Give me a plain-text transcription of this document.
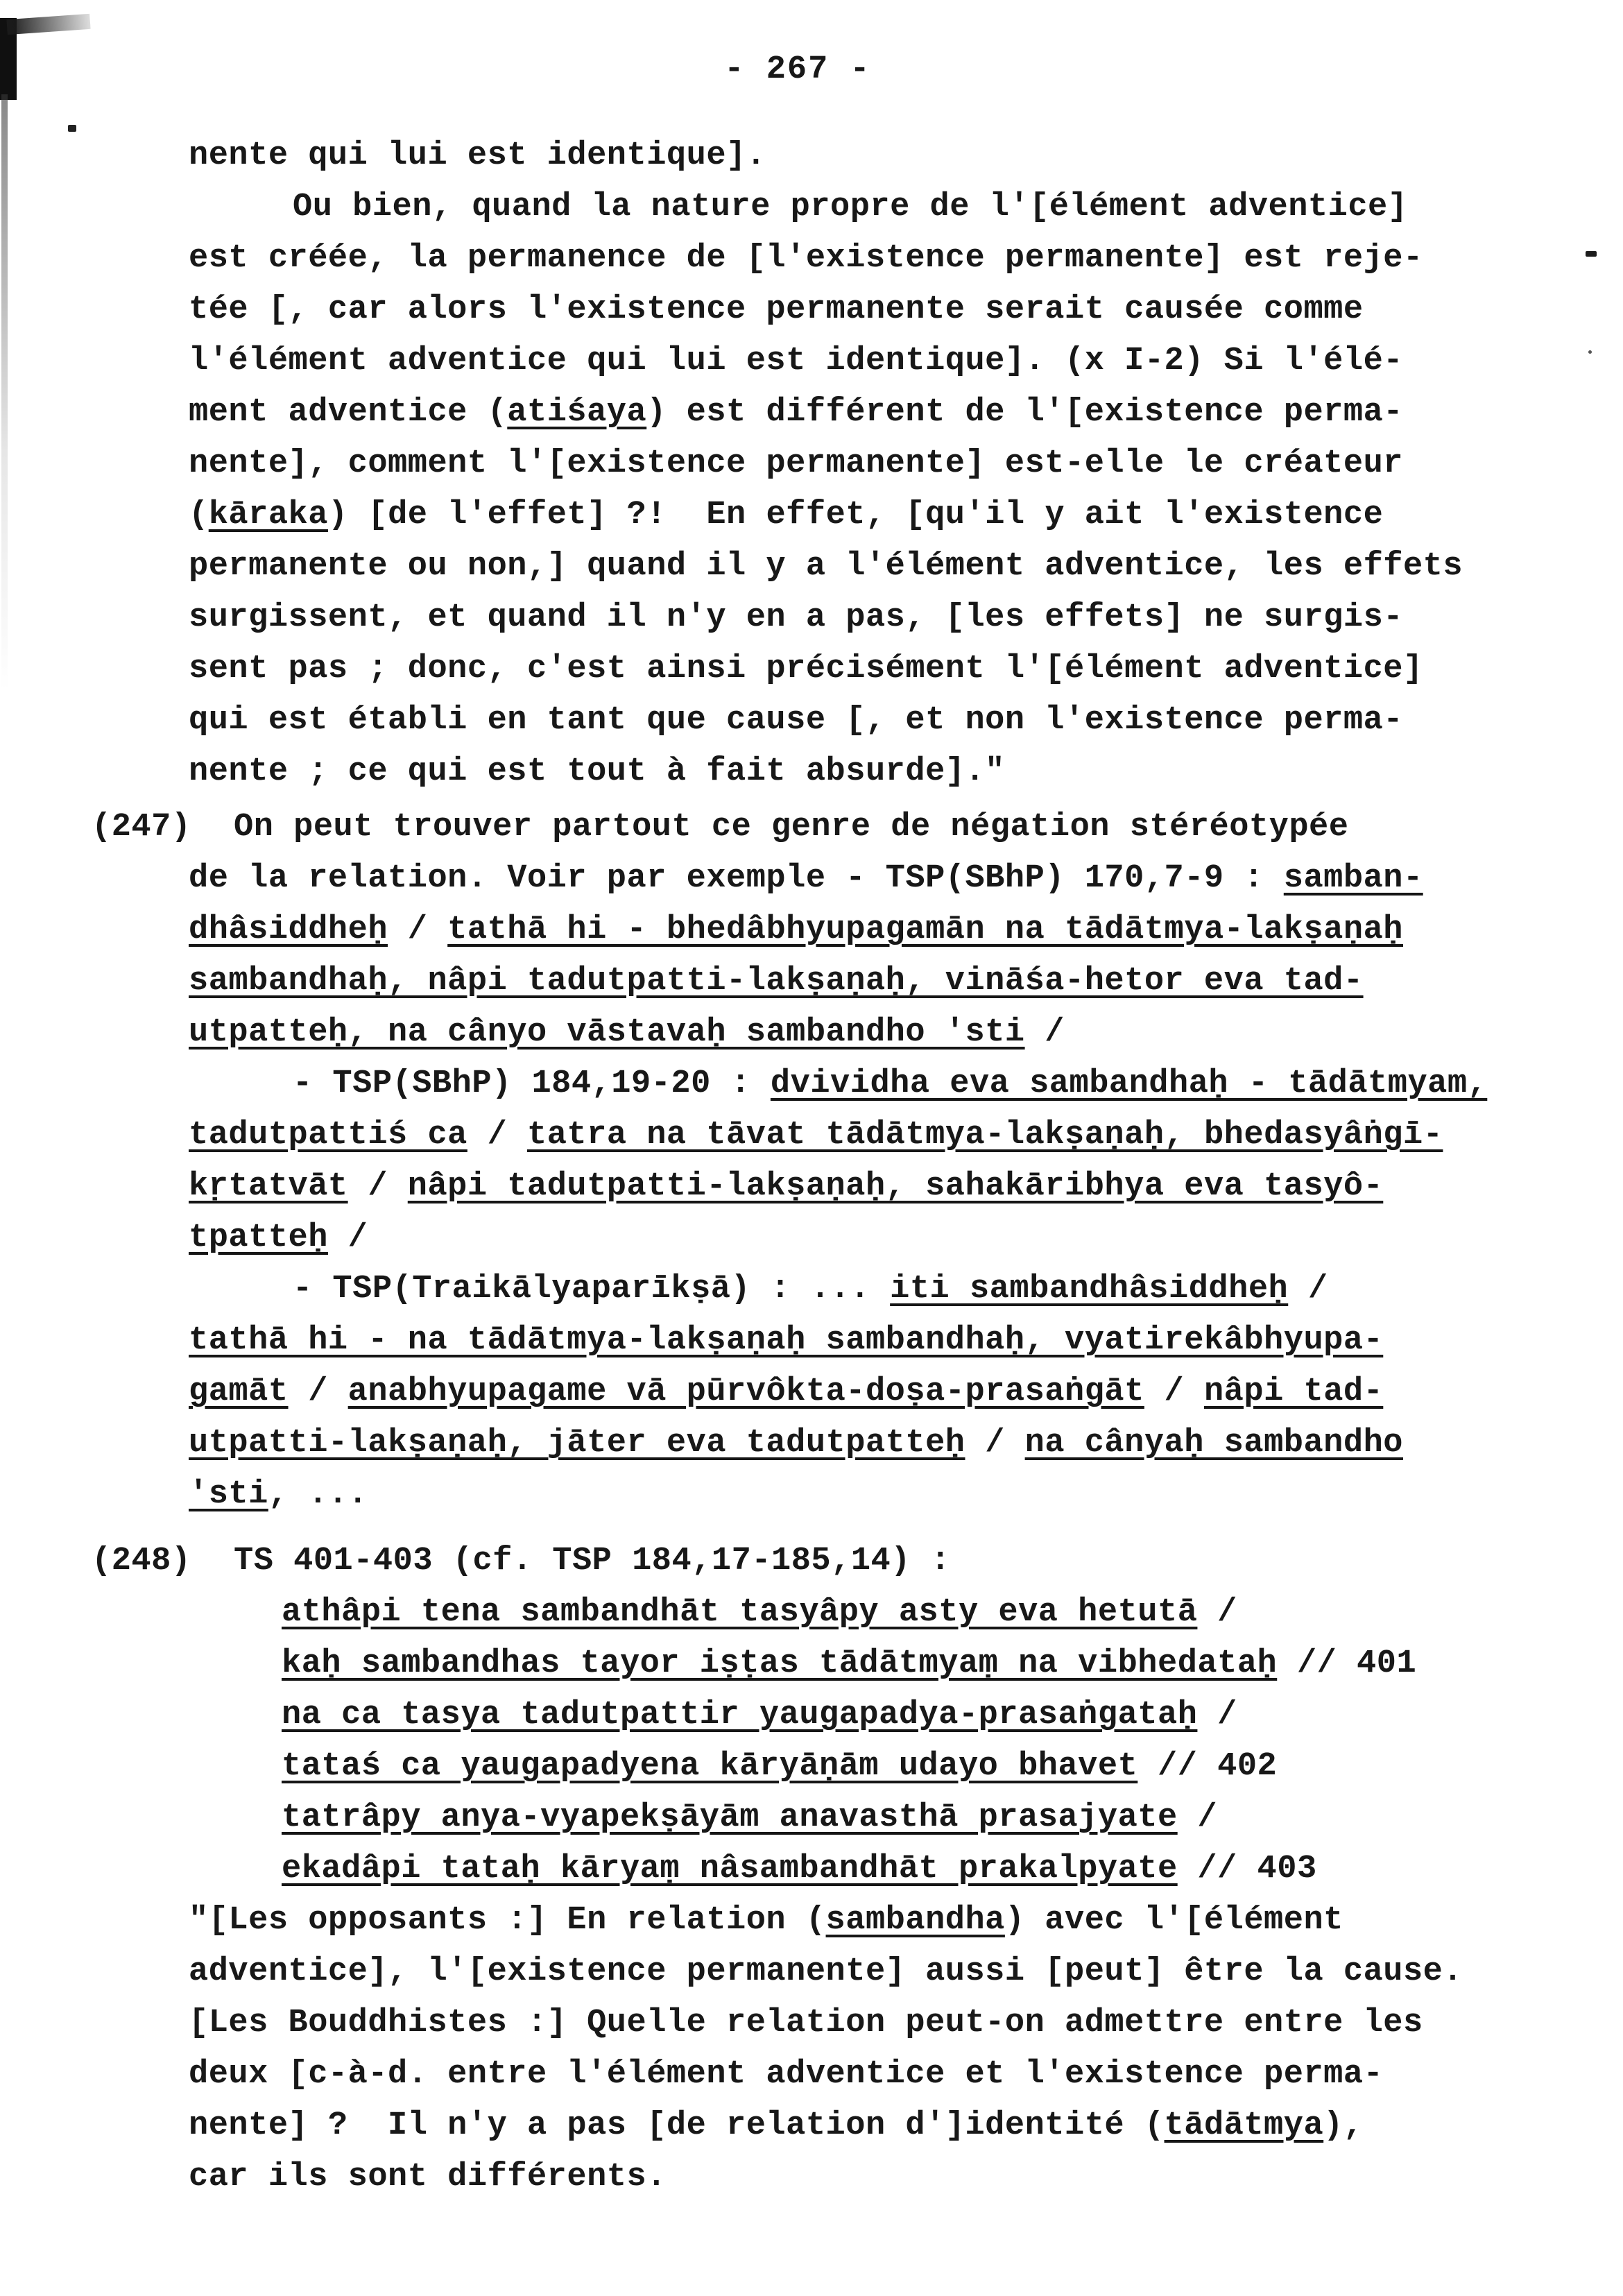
- 267 -
nente qui lui est identique].
Ou bien, quand la nature propre de l'[élément adventice]
est créée, la permanence de [l'existence permanente] est reje-
tée [, car alors l'existence permanente serait causée comme
l'élément adventice qui lui est identique]. (x I-2) Si l'élé-
ment adventice (atiśaya) est différent de l'[existence perma-
nente], comment l'[existence permanente] est-elle le créateur
(kāraka) [de l'effet] ?!  En effet, [qu'il y ait l'existence
permanente ou non,] quand il y a l'élément adventice, les effets
surgissent, et quand il n'y en a pas, [les effets] ne surgis-
sent pas ; donc, c'est ainsi précisément l'[élément adventice]
qui est établi en tant que cause [, et non l'existence perma-
nente ; ce qui est tout à fait absurde]."
(247) On peut trouver partout ce genre de négation stéréotypée
de la relation. Voir par exemple - TSP(SBhP) 170,7-9 : samban-
dhâsiddheḥ / tathā hi - bhedâbhyupagamān na tādātmya-lakṣaṇaḥ
sambandhaḥ, nâpi tadutpatti-lakṣaṇaḥ, vināśa-hetor eva tad-
utpatteḥ, na cânyo vāstavaḥ sambandho 'sti /
- TSP(SBhP) 184,19-20 : dvividha eva sambandhaḥ - tādātmyam,
tadutpattiś ca / tatra na tāvat tādātmya-lakṣaṇaḥ, bhedasyâṅgī-
kṛtatvāt / nâpi tadutpatti-lakṣaṇaḥ, sahakāribhya eva tasyô-
tpatteḥ /
- TSP(Traikālyaparīkṣā) : ... iti sambandhâsiddheḥ /
tathā hi - na tādātmya-lakṣaṇaḥ sambandhaḥ, vyatirekâbhyupa-
gamāt / anabhyupagame vā pūrvôkta-doṣa-prasaṅgāt / nâpi tad-
utpatti-lakṣaṇaḥ, jāter eva tadutpatteḥ / na cânyaḥ sambandho
'sti, ...
(248) TS 401-403 (cf. TSP 184,17-185,14) :
athâpi tena sambandhāt tasyâpy asty eva hetutā /
kaḥ sambandhas tayor iṣṭas tādātmyaṃ na vibhedataḥ // 401
na ca tasya tadutpattir yaugapadya-prasaṅgataḥ /
tataś ca yaugapadyena kāryāṇām udayo bhavet // 402
tatrâpy anya-vyapekṣāyām anavasthā prasajyate /
ekadâpi tataḥ kāryaṃ nâsambandhāt prakalpyate // 403
"[Les opposants :] En relation (sambandha) avec l'[élément
adventice], l'[existence permanente] aussi [peut] être la cause.
[Les Bouddhistes :] Quelle relation peut-on admettre entre les
deux [c-à-d. entre l'élément adventice et l'existence perma-
nente] ?  Il n'y a pas [de relation d']identité (tādātmya),
car ils sont différents.
